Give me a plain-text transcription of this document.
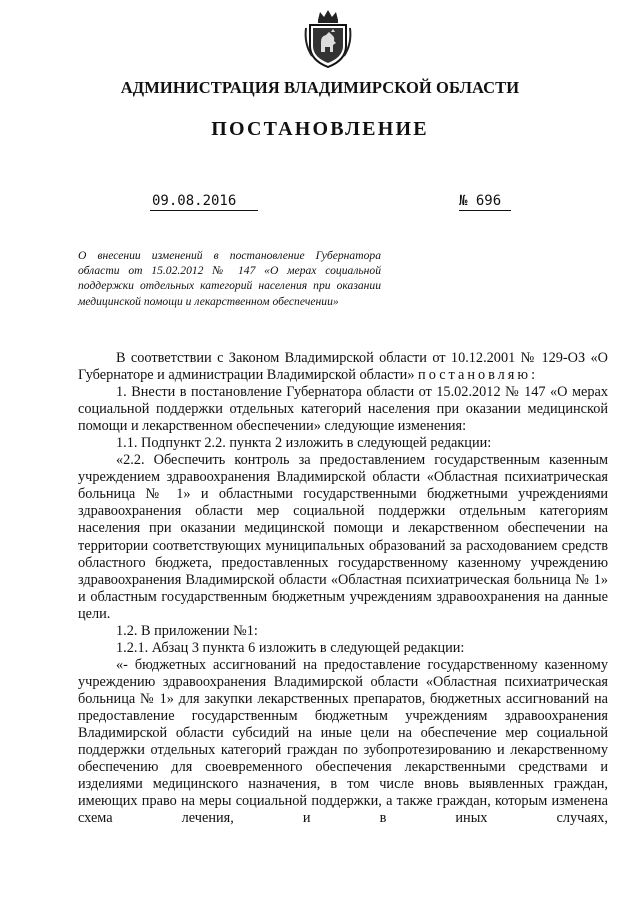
АДМИНИСТРАЦИЯ ВЛАДИМИРСКОЙ ОБЛАСТИ
ПОСТАНОВЛЕНИЕ
09.08.2016	№ 696

О внесении изменений в постановление Губернатора области от 15.02.2012 № 147 «О мерах социальной поддержки отдельных категорий населения при оказании медицинской помощи и лекарственном обеспечении»

В соответствии с Законом Владимирской области от 10.12.2001 № 129-ОЗ «О Губернаторе и администрации Владимирской области» постановляю:

1. Внести в постановление Губернатора области от 15.02.2012 № 147 «О мерах социальной поддержки отдельных категорий населения при оказании медицинской помощи и лекарственном обеспечении» следующие изменения:

1.1. Подпункт 2.2. пункта 2 изложить в следующей редакции:

«2.2. Обеспечить контроль за предоставлением государственным казенным учреждением здравоохранения Владимирской области «Областная психиатрическая больница № 1» и областными государственными бюджетными учреждениями здравоохранения области мер социальной поддержки отдельным категориям населения при оказании медицинской помощи и лекарственном обеспечении на территории соответствующих муниципальных образований за расходованием средств областного бюджета, предоставленных государственному казенному учреждению здравоохранения Владимирской области «Областная психиатрическая больница № 1» и областным государственным бюджетным учреждениям здравоохранения на данные цели.

1.2. В приложении №1:

1.2.1. Абзац 3 пункта 6 изложить в следующей редакции:

«- бюджетных ассигнований на предоставление государственному казенному учреждению здравоохранения Владимирской области «Областная психиатрическая больница № 1» для закупки лекарственных препаратов, бюджетных ассигнований на предоставление государственным бюджетным учреждениям здравоохранения Владимирской области субсидий на иные цели на обеспечение мер социальной поддержки отдельных категорий граждан по зубопротезированию и лекарственному обеспечению для своевременного обеспечения лекарственными средствами и изделиями медицинского назначения, в том числе вновь выявленных граждан, имеющих право на меры социальной поддержки, а также граждан, которым изменена схема лечения, и в иных случаях,
